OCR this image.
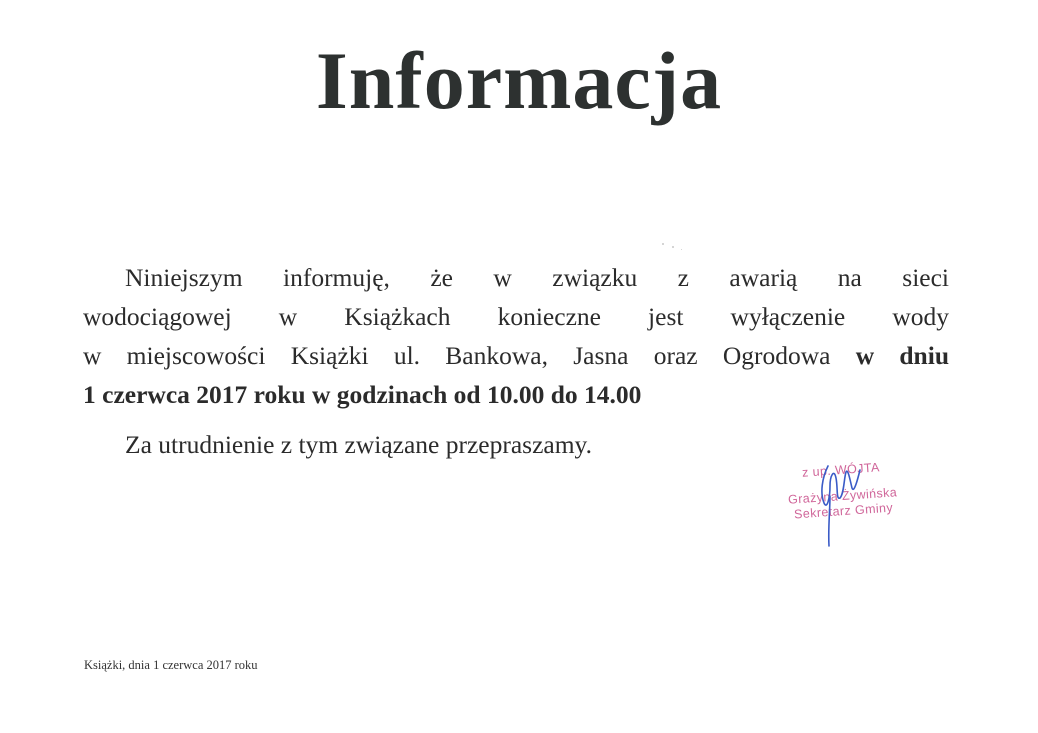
Informacja
Niniejszym informuję, że w związku z awarią na sieci
wodociągowej w Książkach konieczne jest wyłączenie wody
w miejscowości Książki ul. Bankowa, Jasna oraz Ogrodowa w dniu
1 czerwca 2017 roku w godzinach od 10.00 do 14.00
Za utrudnienie z tym związane przepraszamy.
z up. WÓJTA
Grażyna Żywińska
Sekretarz Gminy
Książki, dnia 1 czerwca 2017 roku
